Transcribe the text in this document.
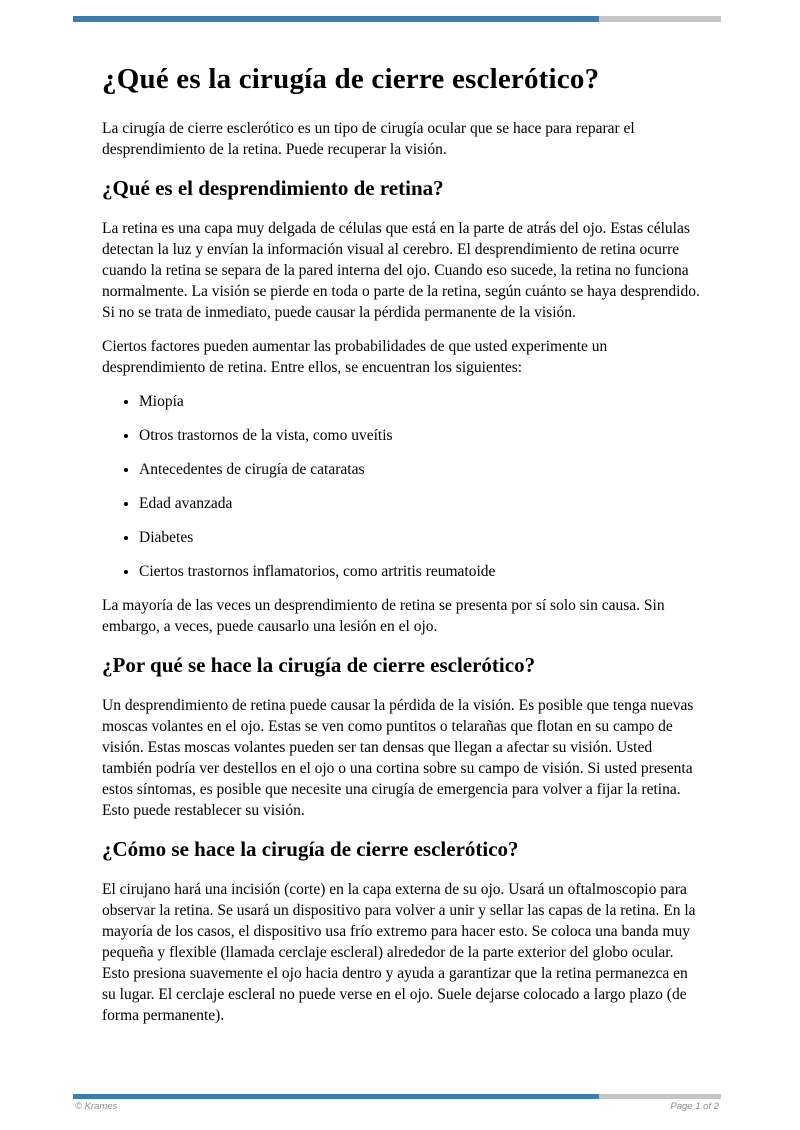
¿Qué es la cirugía de cierre esclerótico?

La cirugía de cierre esclerótico es un tipo de cirugía ocular que se hace para reparar el desprendimiento de la retina. Puede recuperar la visión.

¿Qué es el desprendimiento de retina?

La retina es una capa muy delgada de células que está en la parte de atrás del ojo. Estas células detectan la luz y envían la información visual al cerebro. El desprendimiento de retina ocurre cuando la retina se separa de la pared interna del ojo. Cuando eso sucede, la retina no funciona normalmente. La visión se pierde en toda o parte de la retina, según cuánto se haya desprendido. Si no se trata de inmediato, puede causar la pérdida permanente de la visión.

Ciertos factores pueden aumentar las probabilidades de que usted experimente un desprendimiento de retina. Entre ellos, se encuentran los siguientes:

• Miopía
• Otros trastornos de la vista, como uveítis
• Antecedentes de cirugía de cataratas
• Edad avanzada
• Diabetes
• Ciertos trastornos inflamatorios, como artritis reumatoide

La mayoría de las veces un desprendimiento de retina se presenta por sí solo sin causa. Sin embargo, a veces, puede causarlo una lesión en el ojo.

¿Por qué se hace la cirugía de cierre esclerótico?

Un desprendimiento de retina puede causar la pérdida de la visión. Es posible que tenga nuevas moscas volantes en el ojo. Estas se ven como puntitos o telarañas que flotan en su campo de visión. Estas moscas volantes pueden ser tan densas que llegan a afectar su visión. Usted también podría ver destellos en el ojo o una cortina sobre su campo de visión. Si usted presenta estos síntomas, es posible que necesite una cirugía de emergencia para volver a fijar la retina. Esto puede restablecer su visión.

¿Cómo se hace la cirugía de cierre esclerótico?

El cirujano hará una incisión (corte) en la capa externa de su ojo. Usará un oftalmoscopio para observar la retina. Se usará un dispositivo para volver a unir y sellar las capas de la retina. En la mayoría de los casos, el dispositivo usa frío extremo para hacer esto. Se coloca una banda muy pequeña y flexible (llamada cerclaje escleral) alrededor de la parte exterior del globo ocular. Esto presiona suavemente el ojo hacia dentro y ayuda a garantizar que la retina permanezca en su lugar. El cerclaje escleral no puede verse en el ojo. Suele dejarse colocado a largo plazo (de forma permanente).

© Krames	Page 1 of 2
